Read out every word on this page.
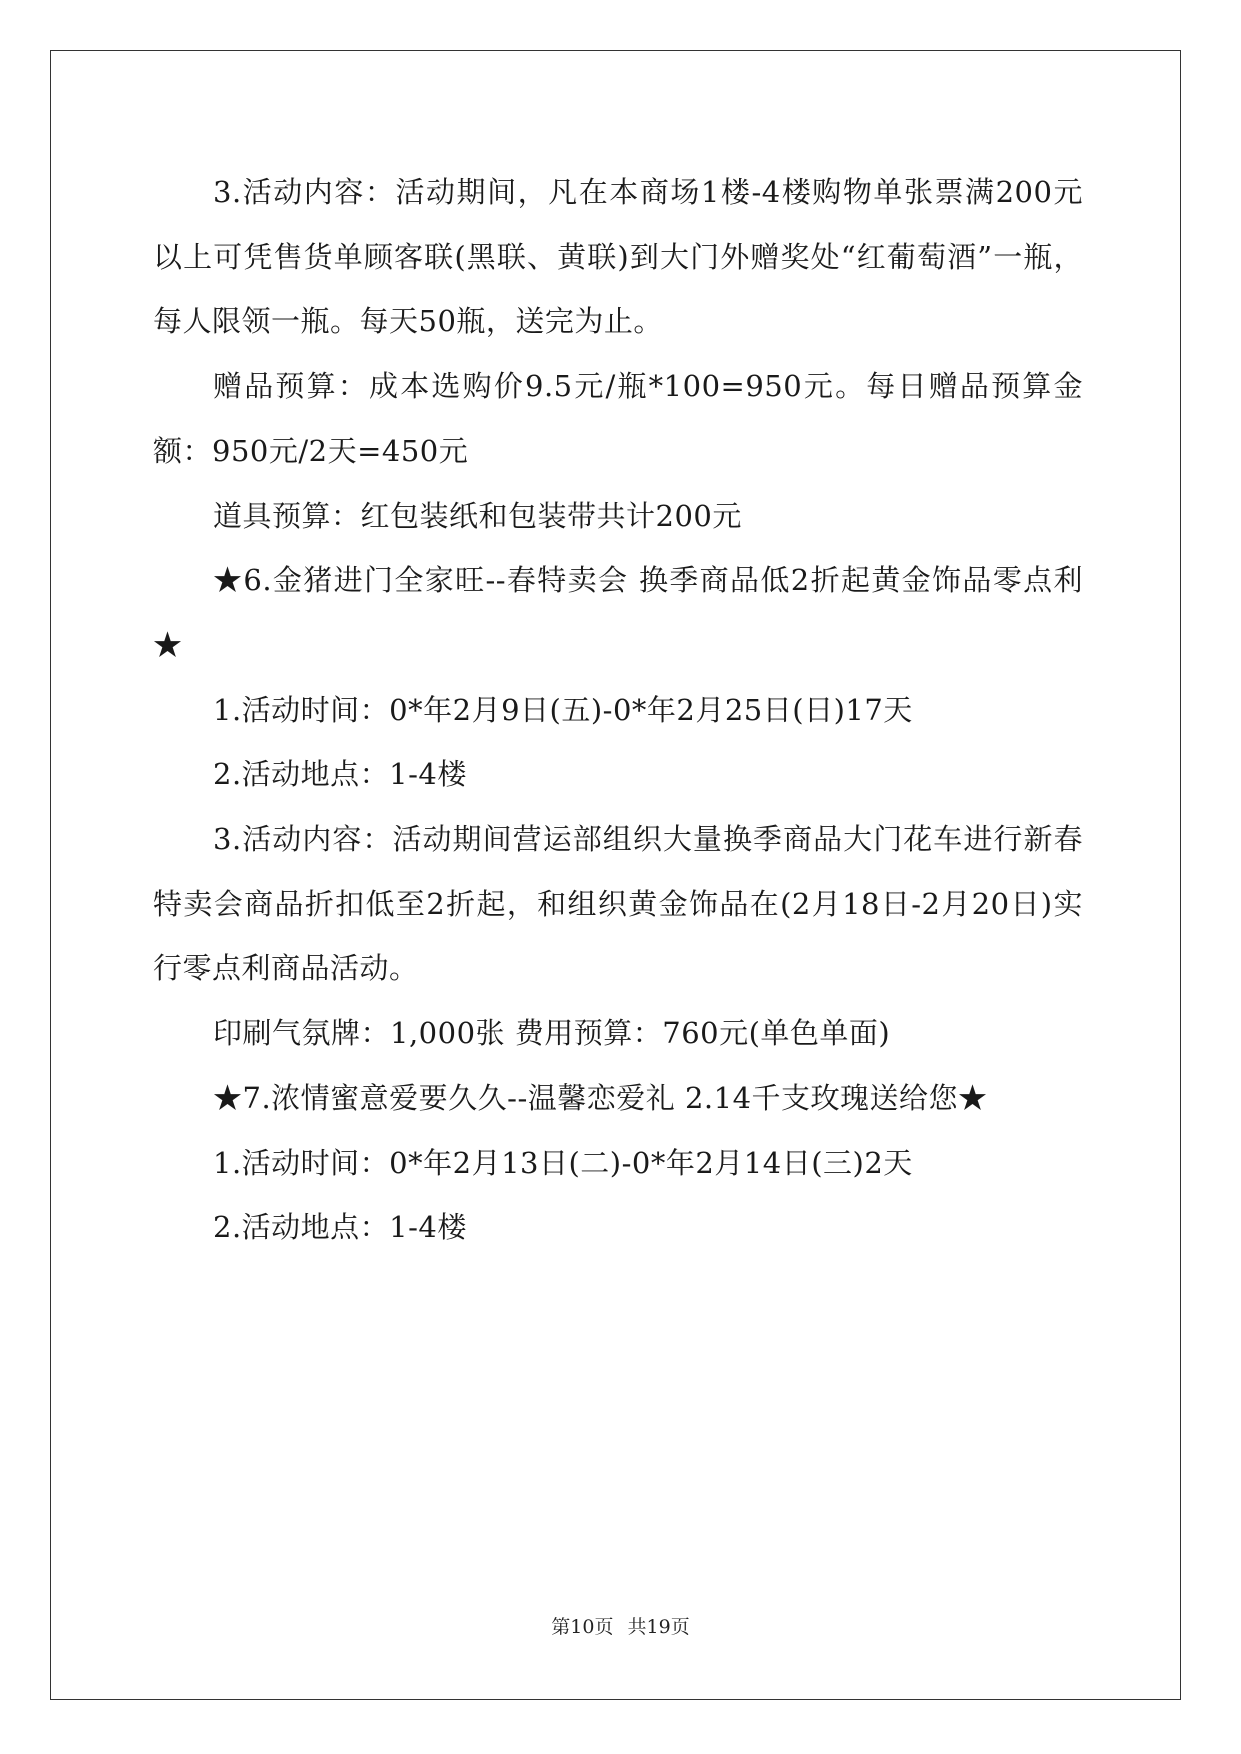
3.活动内容：活动期间，凡在本商场1楼-4楼购物单张票满200元以上可凭售货单顾客联(黑联、黄联)到大门外赠奖处“红葡萄酒”一瓶，每人限领一瓶。每天50瓶，送完为止。

赠品预算：成本选购价9.5元/瓶*100=950元。每日赠品预算金额：950元/2天=450元

道具预算：红包装纸和包装带共计200元

★6.金猪进门全家旺--春特卖会 换季商品低2折起黄金饰品零点利★

1.活动时间：0*年2月9日(五)-0*年2月25日(日)17天

2.活动地点：1-4楼

3.活动内容：活动期间营运部组织大量换季商品大门花车进行新春特卖会商品折扣低至2折起，和组织黄金饰品在(2月18日-2月20日)实行零点利商品活动。

印刷气氛牌：1,000张 费用预算：760元(单色单面)

★7.浓情蜜意爱要久久--温馨恋爱礼 2.14千支玫瑰送给您★

1.活动时间：0*年2月13日(二)-0*年2月14日(三)2天

2.活动地点：1-4楼

第10页 共19页
